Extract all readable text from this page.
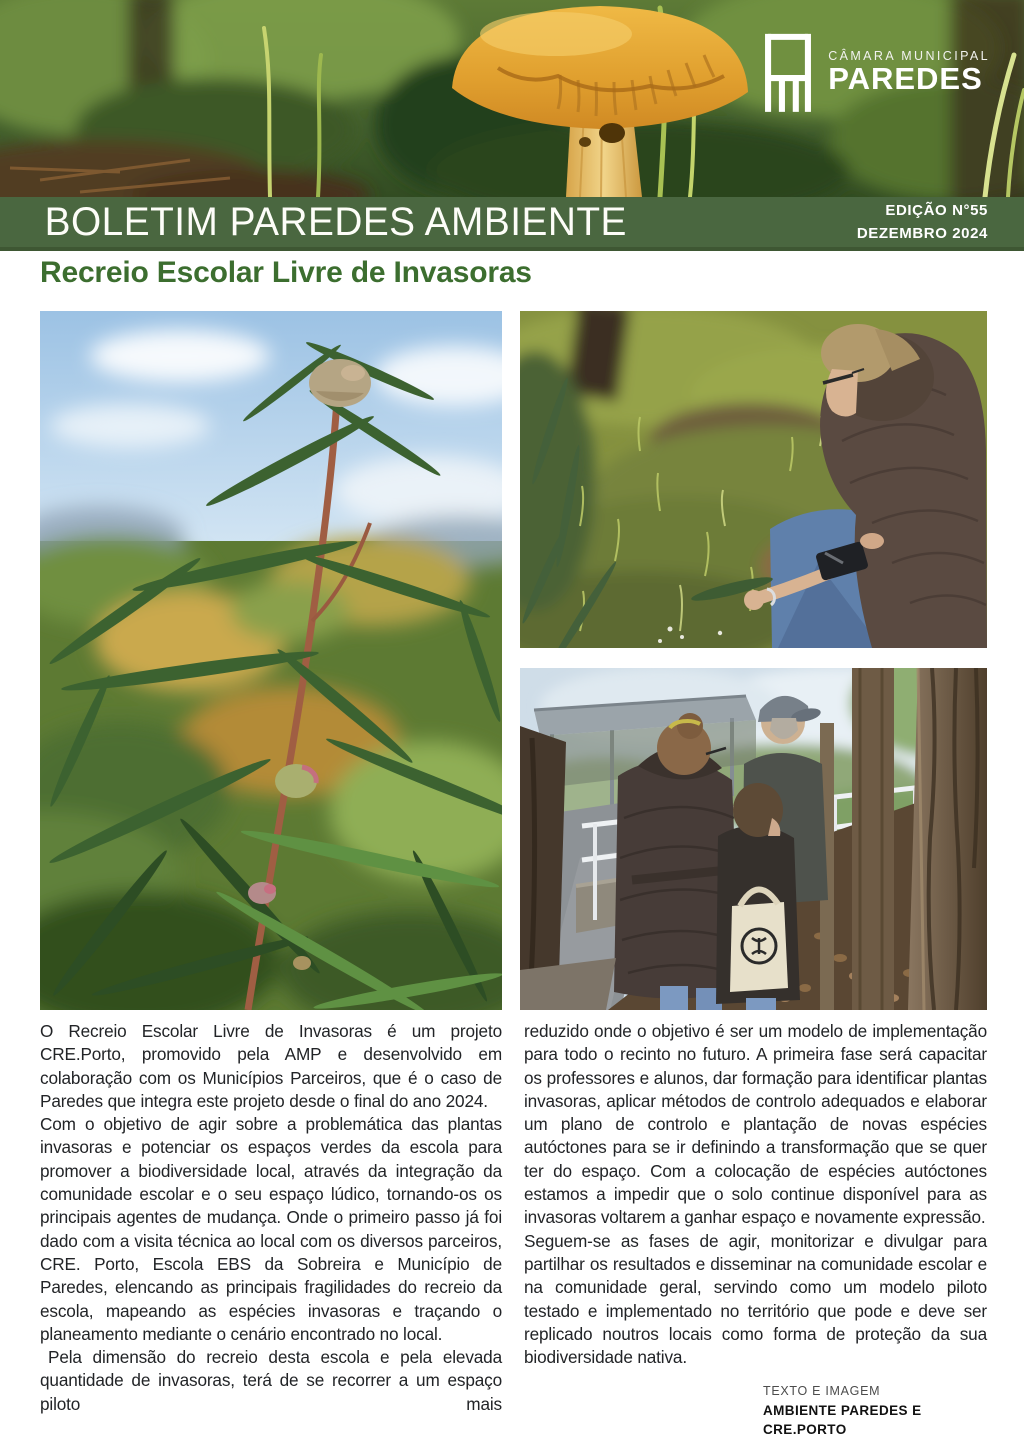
CÂMARA MUNICIPAL
PAREDES
BOLETIM PAREDES AMBIENTE	EDIÇÃO N°55
DEZEMBRO 2024
Recreio Escolar Livre de Invasoras

O Recreio Escolar Livre de Invasoras é um projeto CRE.Porto, promovido pela AMP e desenvolvido em colaboração com os Municípios Parceiros, que é o caso de Paredes que integra este projeto desde o final do ano 2024.

Com o objetivo de agir sobre a problemática das plantas invasoras e potenciar os espaços verdes da escola para promover a biodiversidade local, através da integração da comunidade escolar e o seu espaço lúdico, tornando-os os principais agentes de mudança. Onde o primeiro passo já foi dado com a visita técnica ao local com os diversos parceiros, CRE. Porto, Escola EBS da Sobreira e Município de Paredes, elencando as principais fragilidades do recreio da escola, mapeando as espécies invasoras e traçando o planeamento mediante o cenário encontrado no local.

Pela dimensão do recreio desta escola e pela elevada quantidade de invasoras, terá de se recorrer a um espaço piloto mais

reduzido onde o objetivo é ser um modelo de implementação para todo o recinto no futuro. A primeira fase será capacitar os professores e alunos, dar formação para identificar plantas invasoras, aplicar métodos de controlo adequados e elaborar um plano de controlo e plantação de novas espécies autóctones para se ir definindo a transformação que se quer ter do espaço. Com a colocação de espécies autóctones estamos a impedir que o solo continue disponível para as invasoras voltarem a ganhar espaço e novamente expressão.

Seguem-se as fases de agir, monitorizar e divulgar para partilhar os resultados e disseminar na comunidade escolar e na comunidade geral, servindo como um modelo piloto testado e implementado no território que pode e deve ser replicado noutros locais como forma de proteção da sua biodiversidade nativa.

TEXTO E IMAGEM
AMBIENTE PAREDES E CRE.PORTO
